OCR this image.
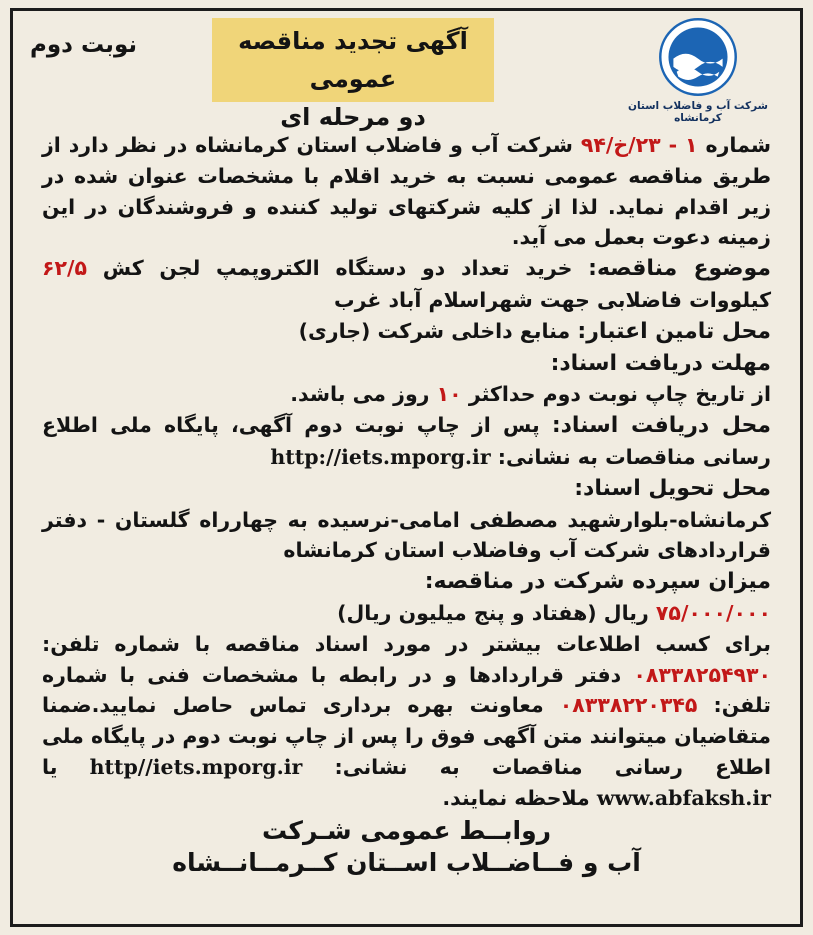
نوبت دوم	آگهی تجدید مناقصه عمومی
دو مرحله ای	شرکت آب و فاضلاب استان کرمانشاه

شماره ۱ - ۲۳/خ/۹۴ شرکت آب و فاضلاب استان کرمانشاه در نظر دارد از طریق مناقصه عمومی نسبت به خرید اقلام با مشخصات عنوان شده در زیر اقدام نماید. لذا از کلیه شرکتهای تولید کننده و فروشندگان در این زمینه دعوت بعمل می آید.

موضوع مناقصه: خرید تعداد دو دستگاه الکتروپمپ لجن کش ۶۲/۵ کیلووات فاضلابی جهت شهراسلام آباد غرب

محل تامین اعتبار: منابع داخلی شرکت (جاری)

مهلت دریافت اسناد:

از تاریخ چاپ نوبت دوم حداکثر ۱۰ روز می باشد.

محل دریافت اسناد: پس از چاپ نوبت دوم آگهی، پایگاه ملی اطلاع رسانی مناقصات به نشانی: http://iets.mporg.ir

محل تحویل اسناد:

کرمانشاه-بلوارشهید مصطفی امامی-نرسیده به چهارراه گلستان - دفتر قراردادهای شرکت آب وفاضلاب استان کرمانشاه

میزان سپرده شرکت در مناقصه:

۷۵/۰۰۰/۰۰۰ ریال (هفتاد و پنج میلیون ریال)

برای کسب اطلاعات بیشتر در مورد اسناد مناقصه با شماره تلفن: ۰۸۳۳۸۲۵۴۹۳۰ دفتر قراردادها و در رابطه با مشخصات فنی با شماره تلفن: ۰۸۳۳۸۲۲۰۳۴۵ معاونت بهره برداری تماس حاصل نمایید.ضمنا متقاضیان میتوانند متن آگهی فوق را پس از چاپ نوبت دوم در پایگاه ملی اطلاع رسانی مناقصات به نشانی: http//iets.mporg.ir یا www.abfaksh.ir ملاحظه نمایند.

روابــط عمومی شـرکت
آب و فــاضــلاب اســتان کــرمــانــشاه
